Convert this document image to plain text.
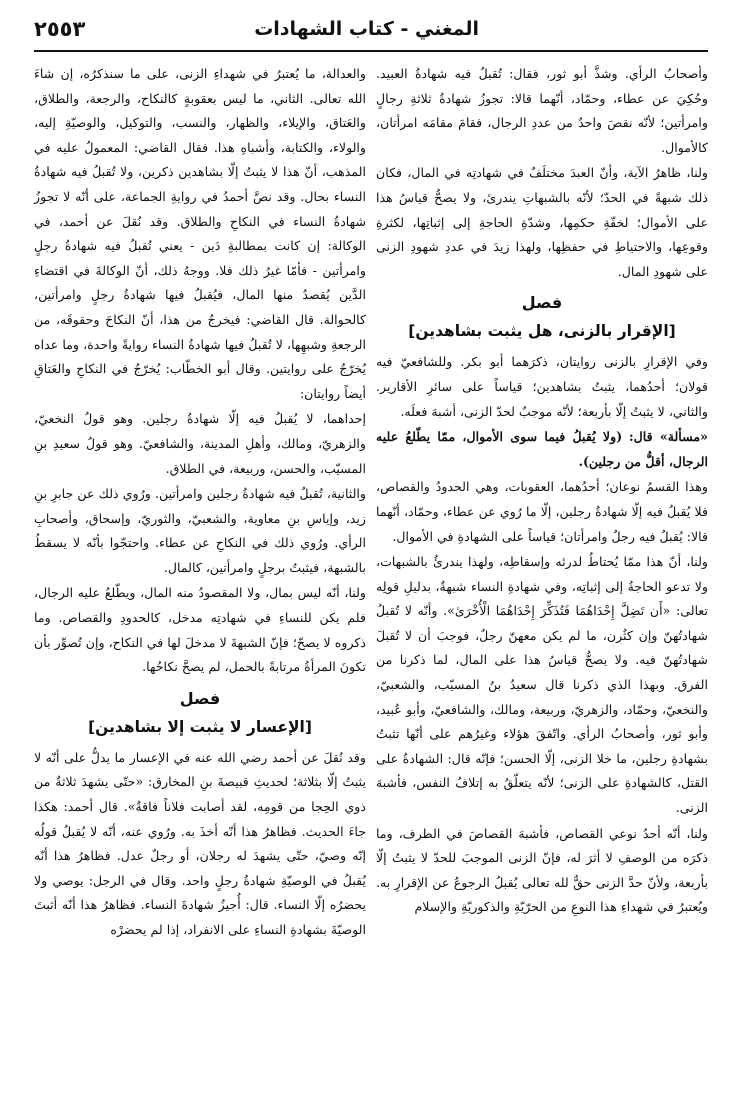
٢٥٥٣	المغني - كتاب الشهادات

وأصحابُ الرأي. وشذَّ أبو ثور، فقال: تُقبلُ فيه شهادةُ العبيد. وحُكِيَ عن عطاء، وحمّاد، أنّهما قالا: تجوزُ شهادةُ ثلاثةِ رجالٍ وامرأتين؛ لأنّه نقصَ واحدٌ من عددِ الرجال، فقامَ مقامَه امرأتان، كالأموال.

ولنا، ظاهرُ الآية، وأنّ العبدَ مختلَفٌ في شهادتِه في المال، فكان ذلك شبهةً في الحدّ؛ لأنّه بالشبهاتِ يندرئ، ولا يصحُّ قياسُ هذا على الأموال؛ لخفّةِ حكمِها، وشدّةِ الحاجةِ إلى إثباتِها، لكثرةِ وقوعِها، والاحتياطِ في حفظِها، ولهذا زيدَ في عددِ شهودِ الزنى على شهودِ المال.

فصل
[الإقرار بالزنى، هل يثبت بشاهدين]

وفي الإقرارِ بالزنى روايتان، ذكرَهما أبو بكر. وللشافعيّ فيه قولان؛ أحدُهما، يثبتُ بشاهدين؛ قياساً على سائرِ الأقارير. والثاني، لا يثبتُ إلّا بأربعة؛ لأنّه موجبٌ لحدّ الزنى، أشبهَ فعلَه.

«مسألة» قال: (ولا يُقبلُ فيما سوى الأموال، ممّا يطّلعُ عليه الرجال، أقلُّ من رجلين).

وهذا القسمُ نوعان؛ أحدُهما، العقوبات، وهي الحدودُ والقصاص، فلا يُقبلُ فيه إلّا شهادةُ رجلين، إلّا ما رُوي عن عطاء، وحمّاد، أنّهما قالا: يُقبلُ فيه رجلٌ وامرأتان؛ قياساً على الشهادةِ في الأموال.

ولنا، أنّ هذا ممّا يُحتاطُ لدرئه وإسقاطِه، ولهذا يندرئُ بالشبهات، ولا تدعو الحاجةُ إلى إثباتِه، وفي شهادةِ النساء شبهةٌ، بدليلِ قولِه تعالى: «أَن تَضِلَّ إِحْدَاهُمَا فَتُذَكِّرَ إِحْدَاهُمَا الْأُخْرَىٰ». وأنّه لا تُقبلُ شهادتُهنّ وإن كثُرن، ما لم يكن معهنّ رجلٌ، فوجبَ أن لا تُقبلَ شهادتُهنّ فيه. ولا يصحُّ قياسُ هذا على المال، لما ذكرنا من الفرق. وبهذا الذي ذكرنا قال سعيدُ بنُ المسيّب، والشعبيّ، والنخعيّ، وحمّاد، والزهريّ، وربيعة، ومالك، والشافعيّ، وأبو عُبيد، وأبو ثور، وأصحابُ الرأي. واتّفقَ هؤلاء وغيرُهم على أنّها تثبتُ بشهادةِ رجلين، ما خلا الزنى، إلّا الحسن؛ فإنّه قال: الشهادةُ على القتل، كالشهادةِ على الزنى؛ لأنّه يتعلّقُ به إتلافُ النفس، فأشبهَ الزنى.

ولنا، أنّه أحدُ نوعي القصاص، فأشبهَ القصاصَ في الطرف، وما ذكرَه من الوصفِ لا أثرَ له، فإنّ الزنى الموجبَ للحدّ لا يثبتُ إلّا بأربعة، ولأنّ حدَّ الزنى حقٌّ لله تعالى يُقبلُ الرجوعُ عن الإقرارِ به. ويُعتبرُ في شهداءِ هذا النوعِ من الحرّيّةِ والذكوريّةِ والإسلام

والعدالة، ما يُعتبرُ في شهداءِ الزنى، على ما سنذكرُه، إن شاءَ الله تعالى. الثاني، ما ليس بعقوبةٍ كالنكاح، والرجعة، والطلاق، والعَتاق، والإيلاء، والظهار، والنسب، والتوكيل، والوصيّةِ إليه، والولاء، والكتابة، وأشباهِ هذا. فقال القاضي: المعمولُ عليه في المذهب، أنّ هذا لا يثبتُ إلّا بشاهدين ذكرين، ولا تُقبلُ فيه شهادةُ النساء بحال. وقد نصَّ أحمدُ في روايةِ الجماعة، على أنّه لا تجوزُ شهادةُ النساء في النكاحِ والطلاق. وقد نُقلَ عن أحمد، في الوكالة: إن كانت بمطالبةِ دَين - يعني تُقبلُ فيه شهادةُ رجلٍ وامرأتين - فأمّا غيرُ ذلك فلا. ووجهُ ذلك، أنّ الوكالةَ في اقتضاءِ الدَّين يُقصدُ منها المال، فيُقبلُ فيها شهادةُ رجلٍ وامرأتين، كالحوالة. قال القاضي: فيخرجُ من هذا، أنّ النكاحَ وحقوقَه، من الرجعةِ وشبهِها، لا تُقبلُ فيها شهادةُ النساء روايةً واحدة، وما عداه يُخرّجُ على روايتين. وقال أبو الخطّاب: يُخرّجُ في النكاحِ والعَتاقِ أيضاً روايتان:

إحداهما، لا يُقبلُ فيه إلّا شهادةُ رجلين. وهو قولُ النخعيّ، والزهريّ، ومالك، وأهلِ المدينة، والشافعيّ. وهو قولُ سعيدِ بنِ المسيّب، والحسن، وربيعة، في الطلاق.

والثانية، تُقبلُ فيه شهادةُ رجلين وامرأتين. ورُوي ذلك عن جابرِ بنِ زيد، وإياسِ بنِ معاوية، والشعبيّ، والثوريّ، وإسحاق، وأصحابِ الرأي. ورُوي ذلك في النكاحِ عن عطاء. واحتجّوا بأنّه لا يسقطُ بالشبهة، فيثبتُ برجلٍ وامرأتين، كالمال.

ولنا، أنّه ليس بمال، ولا المقصودُ منه المال، ويطّلعُ عليه الرجال، فلم يكن للنساءِ في شهادتِه مدخل، كالحدودِ والقصاص. وما ذكروه لا يصحّ؛ فإنّ الشبهةَ لا مدخلَ لها في النكاح، وإن تُصوِّر بأن تكونَ المرأةُ مرتابةً بالحمل، لم يصحَّ نكاحُها.

فصل
[الإعسار لا يثبت إلا بشاهدين]

وقد نُقلَ عن أحمد رضي الله عنه في الإعسار ما يدلُّ على أنّه لا يثبتُ إلّا بثلاثة؛ لحديثِ قبيصةَ بنِ المخارق: «حتّى يشهدَ ثلاثةٌ من ذوي الحِجا من قومِه، لقد أصابت فلاناً فاقةٌ». قال أحمد: هكذا جاءَ الحديث. فظاهرُ هذا أنّه أخذَ به. ورُوي عنه، أنّه لا يُقبلُ قولُه إنّه وصيّ، حتّى يشهدَ له رجلان، أو رجلٌ عدل. فظاهرُ هذا أنّه يُقبلُ في الوصيّةِ شهادةُ رجلٍ واحد. وقال في الرجل: يوصي ولا يحضرُه إلّا النساء. قال: أُجيزُ شهادةَ النساء. فظاهرُ هذا أنّه أثبتَ الوصيّةَ بشهادةِ النساءِ على الانفراد، إذا لم يحضرْه
